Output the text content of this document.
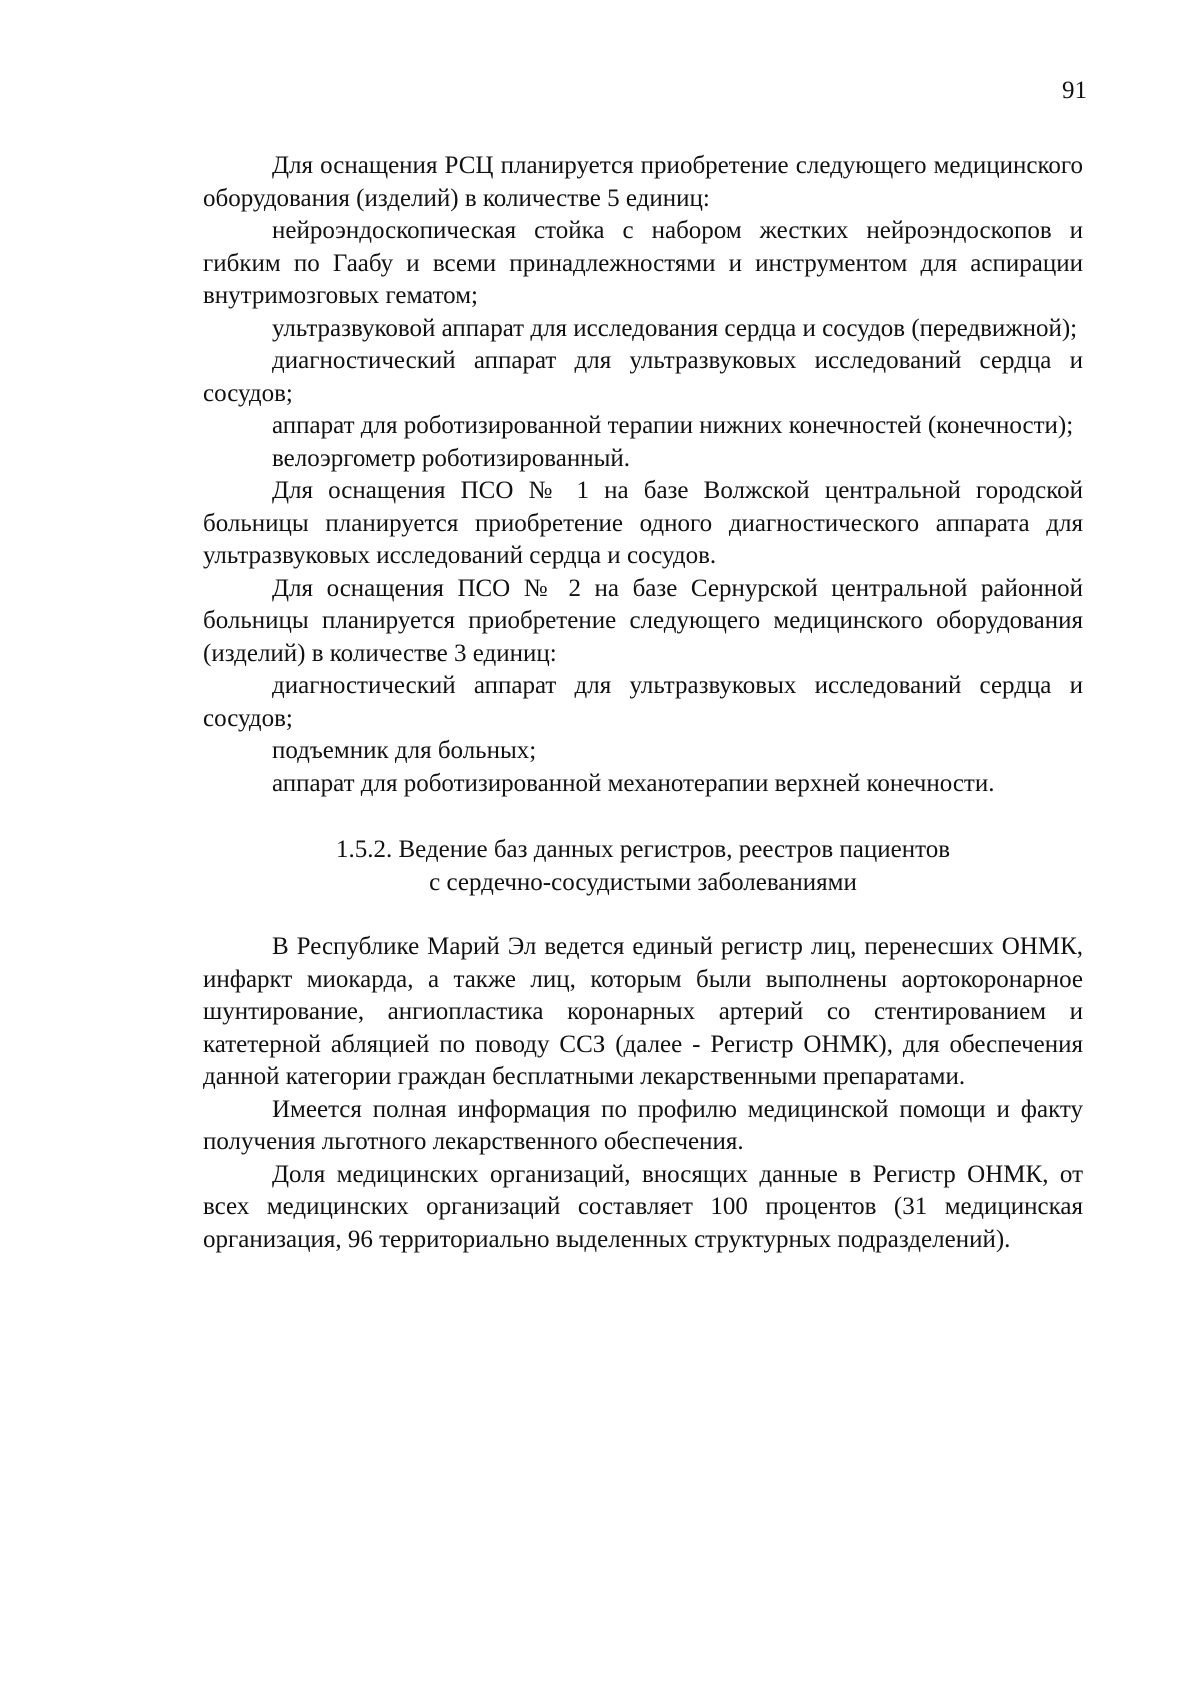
91

Для оснащения РСЦ планируется приобретение следующего медицинского оборудования (изделий) в количестве 5 единиц:

нейроэндоскопическая стойка с набором жестких нейроэндоскопов и гибким по Гаабу и всеми принадлежностями и инструментом для аспирации внутримозговых гематом;

ультразвуковой аппарат для исследования сердца и сосудов (передвижной);

диагностический аппарат для ультразвуковых исследований сердца и сосудов;

аппарат для роботизированной терапии нижних конечностей (конечности);

велоэргометр роботизированный.

Для оснащения ПСО № 1 на базе Волжской центральной городской больницы планируется приобретение одного диагностического аппарата для ультразвуковых исследований сердца и сосудов.

Для оснащения ПСО № 2 на базе Сернурской центральной районной больницы планируется приобретение следующего медицинского оборудования (изделий) в количестве 3 единиц:

диагностический аппарат для ультразвуковых исследований сердца и сосудов;

подъемник для больных;

аппарат для роботизированной механотерапии верхней конечности.

1.5.2. Ведение баз данных регистров, реестров пациентов
с сердечно-сосудистыми заболеваниями

В Республике Марий Эл ведется единый регистр лиц, перенесших ОНМК, инфаркт миокарда, а также лиц, которым были выполнены аортокоронарное шунтирование, ангиопластика коронарных артерий со стентированием и катетерной абляцией по поводу ССЗ (далее - Регистр ОНМК), для обеспечения данной категории граждан бесплатными лекарственными препаратами.

Имеется полная информация по профилю медицинской помощи и факту получения льготного лекарственного обеспечения.

Доля медицинских организаций, вносящих данные в Регистр ОНМК, от всех медицинских организаций составляет 100 процентов (31 медицинская организация, 96 территориально выделенных структурных подразделений).
